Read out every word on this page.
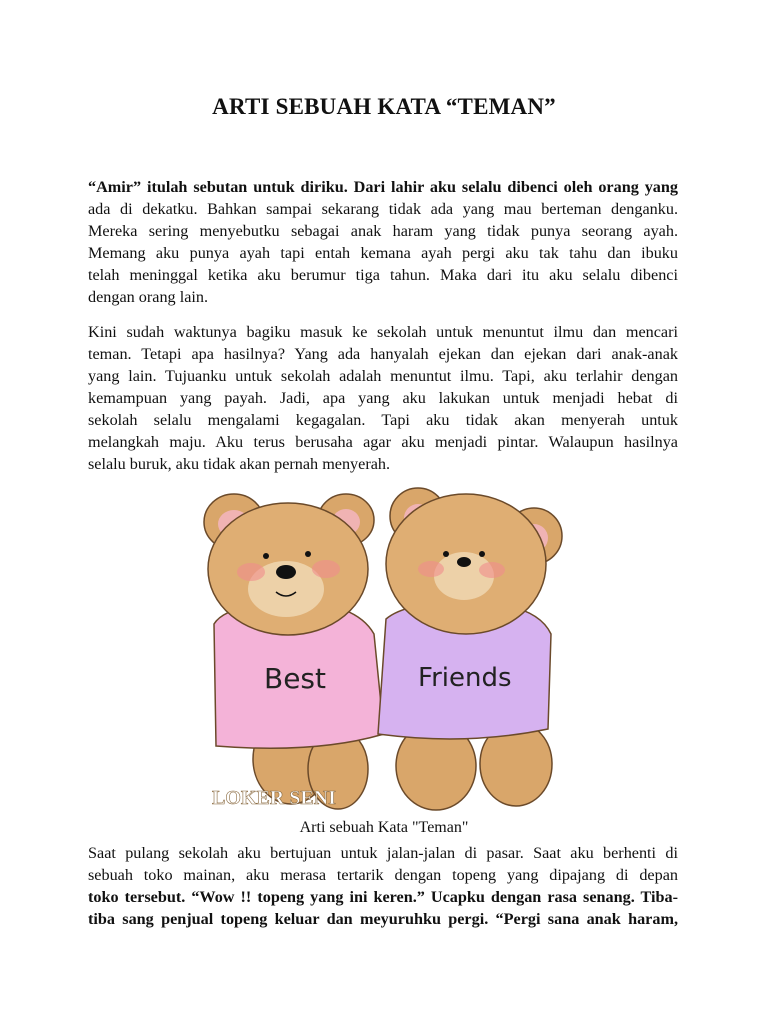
ARTI SEBUAH KATA “TEMAN”
“Amir” itulah sebutan untuk diriku. Dari lahir aku selalu dibenci oleh orang yang
ada di dekatku. Bahkan sampai sekarang tidak ada yang mau berteman denganku.
Mereka sering menyebutku sebagai anak haram yang tidak punya seorang ayah.
Memang aku punya ayah tapi entah kemana ayah pergi aku tak tahu dan ibuku
telah meninggal ketika aku berumur tiga tahun. Maka dari itu aku selalu dibenci
dengan orang lain.
Kini sudah waktunya bagiku masuk ke sekolah untuk menuntut ilmu dan mencari
teman. Tetapi apa hasilnya? Yang ada hanyalah ejekan dan ejekan dari anak-anak
yang lain. Tujuanku untuk sekolah adalah menuntut ilmu. Tapi, aku terlahir dengan
kemampuan yang payah. Jadi, apa yang aku lakukan untuk menjadi hebat di
sekolah selalu mengalami kegagalan. Tapi aku tidak akan menyerah untuk
melangkah maju. Aku terus berusaha agar aku menjadi pintar. Walaupun hasilnya
selalu buruk, aku tidak akan pernah menyerah.
Best	Friends
LOKER SENI
Arti sebuah Kata "Teman"
Saat pulang sekolah aku bertujuan untuk jalan-jalan di pasar. Saat aku berhenti di
sebuah toko mainan, aku merasa tertarik dengan topeng yang dipajang di depan
toko tersebut. “Wow !! topeng yang ini keren.” Ucapku dengan rasa senang. Tiba-
tiba sang penjual topeng keluar dan meyuruhku pergi. “Pergi sana anak haram,
